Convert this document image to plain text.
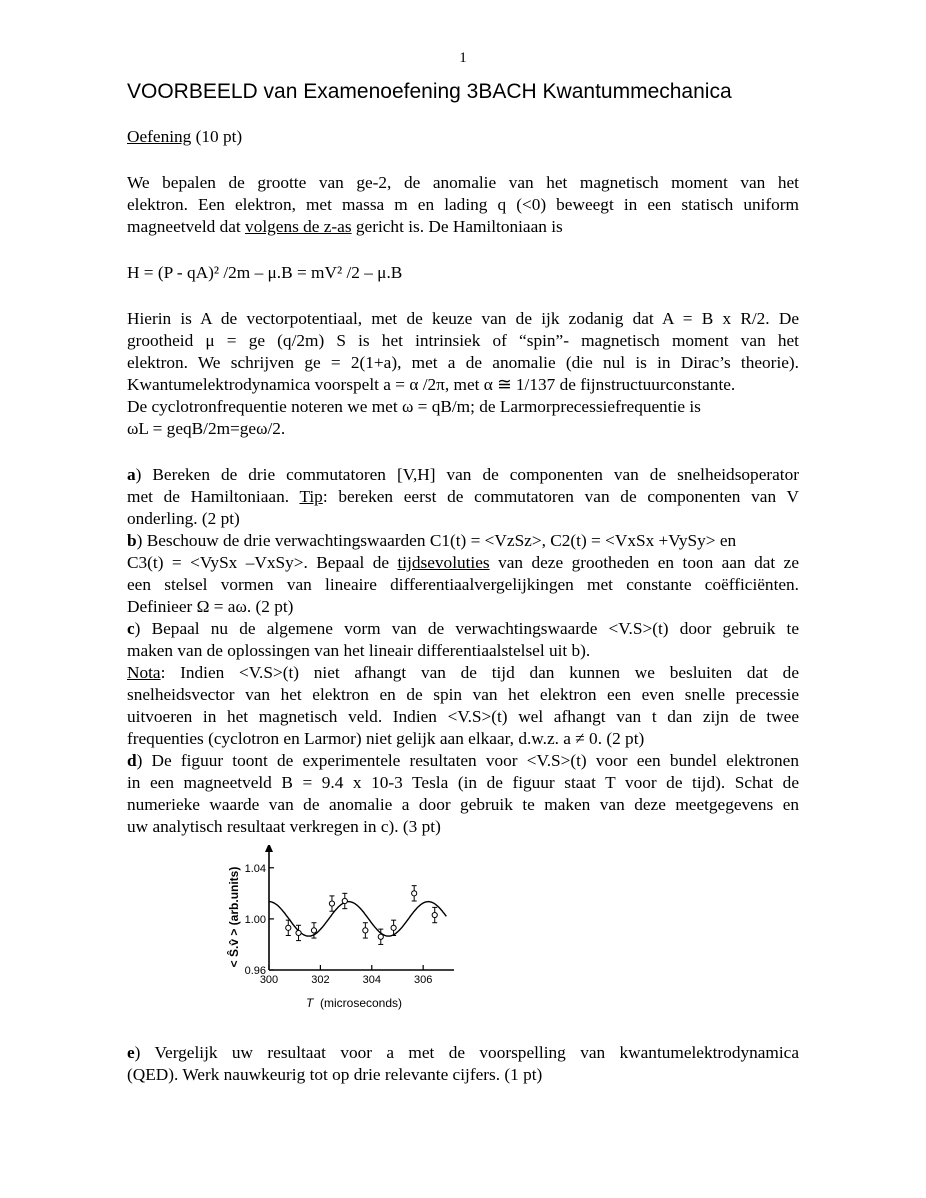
1
VOORBEELD van Examenoefening 3BACH Kwantummechanica
Oefening (10 pt)
We bepalen de grootte van ge-2, de anomalie van het magnetisch moment van het
elektron. Een elektron, met massa m en lading q (<0) beweegt in een statisch uniform
magneetveld dat volgens de z-as gericht is. De Hamiltoniaan is
H = (P - qA)² /2m – μ.B = mV² /2 – μ.B
Hierin is A de vectorpotentiaal, met de keuze van de ijk zodanig dat A = B x R/2. De
grootheid μ = ge (q/2m) S is het intrinsiek of “spin”- magnetisch moment van het
elektron. We schrijven ge = 2(1+a), met a de anomalie (die nul is in Dirac’s theorie).
Kwantumelektrodynamica voorspelt a = α /2π, met α ≅ 1/137 de fijnstructuurconstante.
De cyclotronfrequentie noteren we met ω = qB/m; de Larmorprecessiefrequentie is
ωL = geqB/2m=geω/2.
a) Bereken de drie commutatoren [V,H] van de componenten van de snelheidsoperator
met de Hamiltoniaan. Tip: bereken eerst de commutatoren van de componenten van V
onderling. (2 pt)
b) Beschouw de drie verwachtingswaarden C1(t) = <VzSz>, C2(t) = <VxSx +VySy> en
C3(t) = <VySx –VxSy>. Bepaal de tijdsevoluties van deze grootheden en toon aan dat ze
een stelsel vormen van lineaire differentiaalvergelijkingen met constante coëfficiënten.
Definieer Ω = aω. (2 pt)
c) Bepaal nu de algemene vorm van de verwachtingswaarde <V.S>(t) door gebruik te
maken van de oplossingen van het lineair differentiaalstelsel uit b).
Nota: Indien <V.S>(t) niet afhangt van de tijd dan kunnen we besluiten dat de
snelheidsvector van het elektron en de spin van het elektron een even snelle precessie
uitvoeren in het magnetisch veld. Indien <V.S>(t) wel afhangt van t dan zijn de twee
frequenties (cyclotron en Larmor) niet gelijk aan elkaar, d.w.z. a ≠ 0. (2 pt)
d) De figuur toont de experimentele resultaten voor <V.S>(t) voor een bundel elektronen
in een magneetveld B = 9.4 x 10-3 Tesla (in de figuur staat T voor de tijd). Schat de
numerieke waarde van de anomalie a door gebruik te maken van deze meetgegevens en
uw analytisch resultaat verkregen in c). (3 pt)
0.96
1.00
1.04
300	302	304	306
< Ŝ.v̂ > (arb.units)
T (microseconds)
e) Vergelijk uw resultaat voor a met de voorspelling van kwantumelektrodynamica
(QED). Werk nauwkeurig tot op drie relevante cijfers. (1 pt)
